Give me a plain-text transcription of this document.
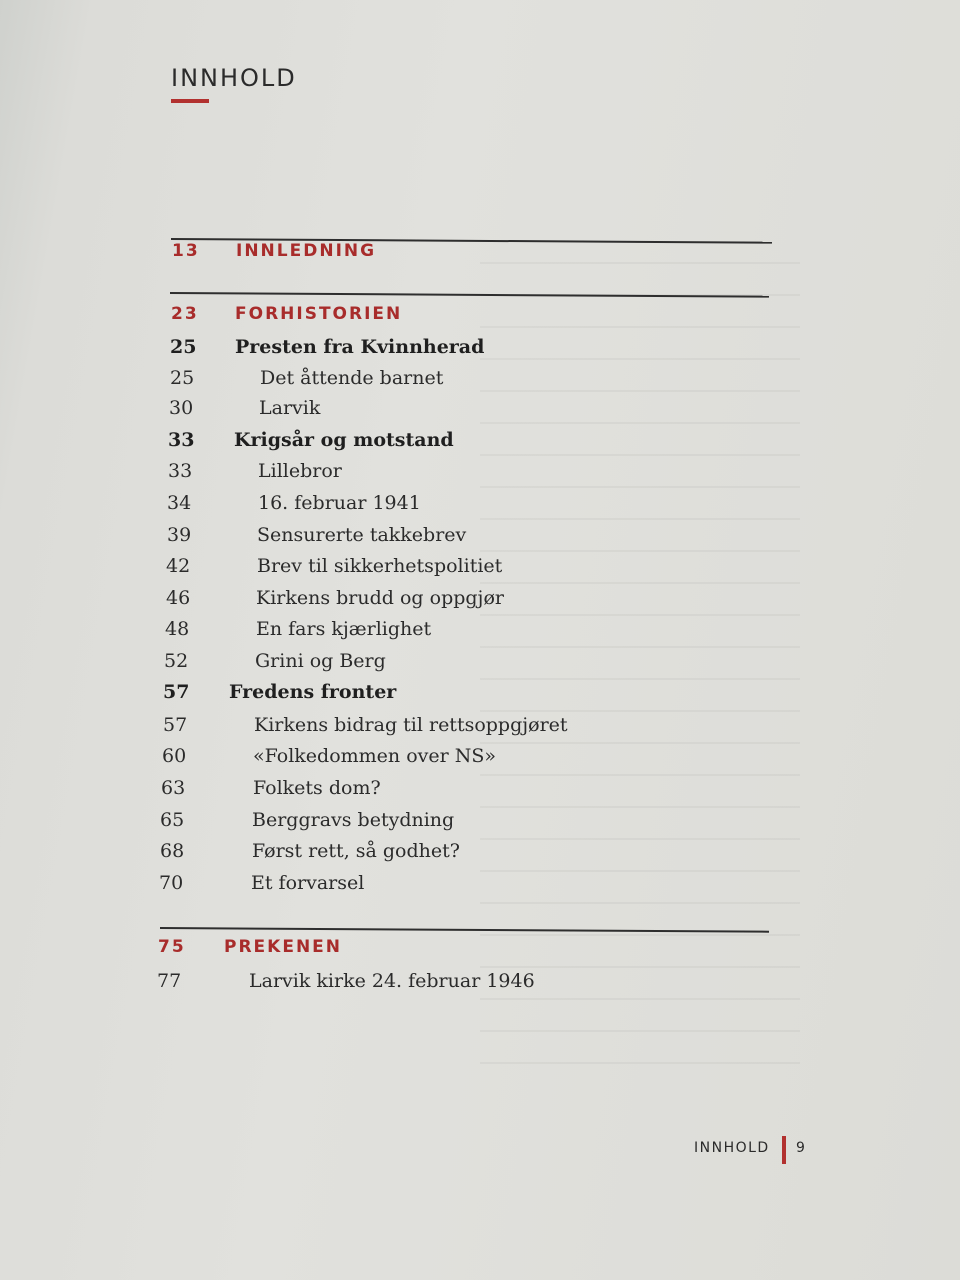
INNHOLD
13 INNLEDNING
23 FORHISTORIEN
25 Presten fra Kvinnherad
25	Det åttende barnet
30	Larvik
33 Krigsår og motstand
33	Lillebror
34	16. februar 1941
39	Sensurerte takkebrev
42	Brev til sikkerhetspolitiet
46	Kirkens brudd og oppgjør
48	En fars kjærlighet
52	Grini og Berg
57 Fredens fronter
57	Kirkens bidrag til rettsoppgjøret
60	«Folkedommen over NS»
63	Folkets dom?
65	Berggravs betydning
68	Først rett, så godhet?
70	Et forvarsel
75 PREKENEN
77	Larvik kirke 24. februar 1946
INNHOLD 9
